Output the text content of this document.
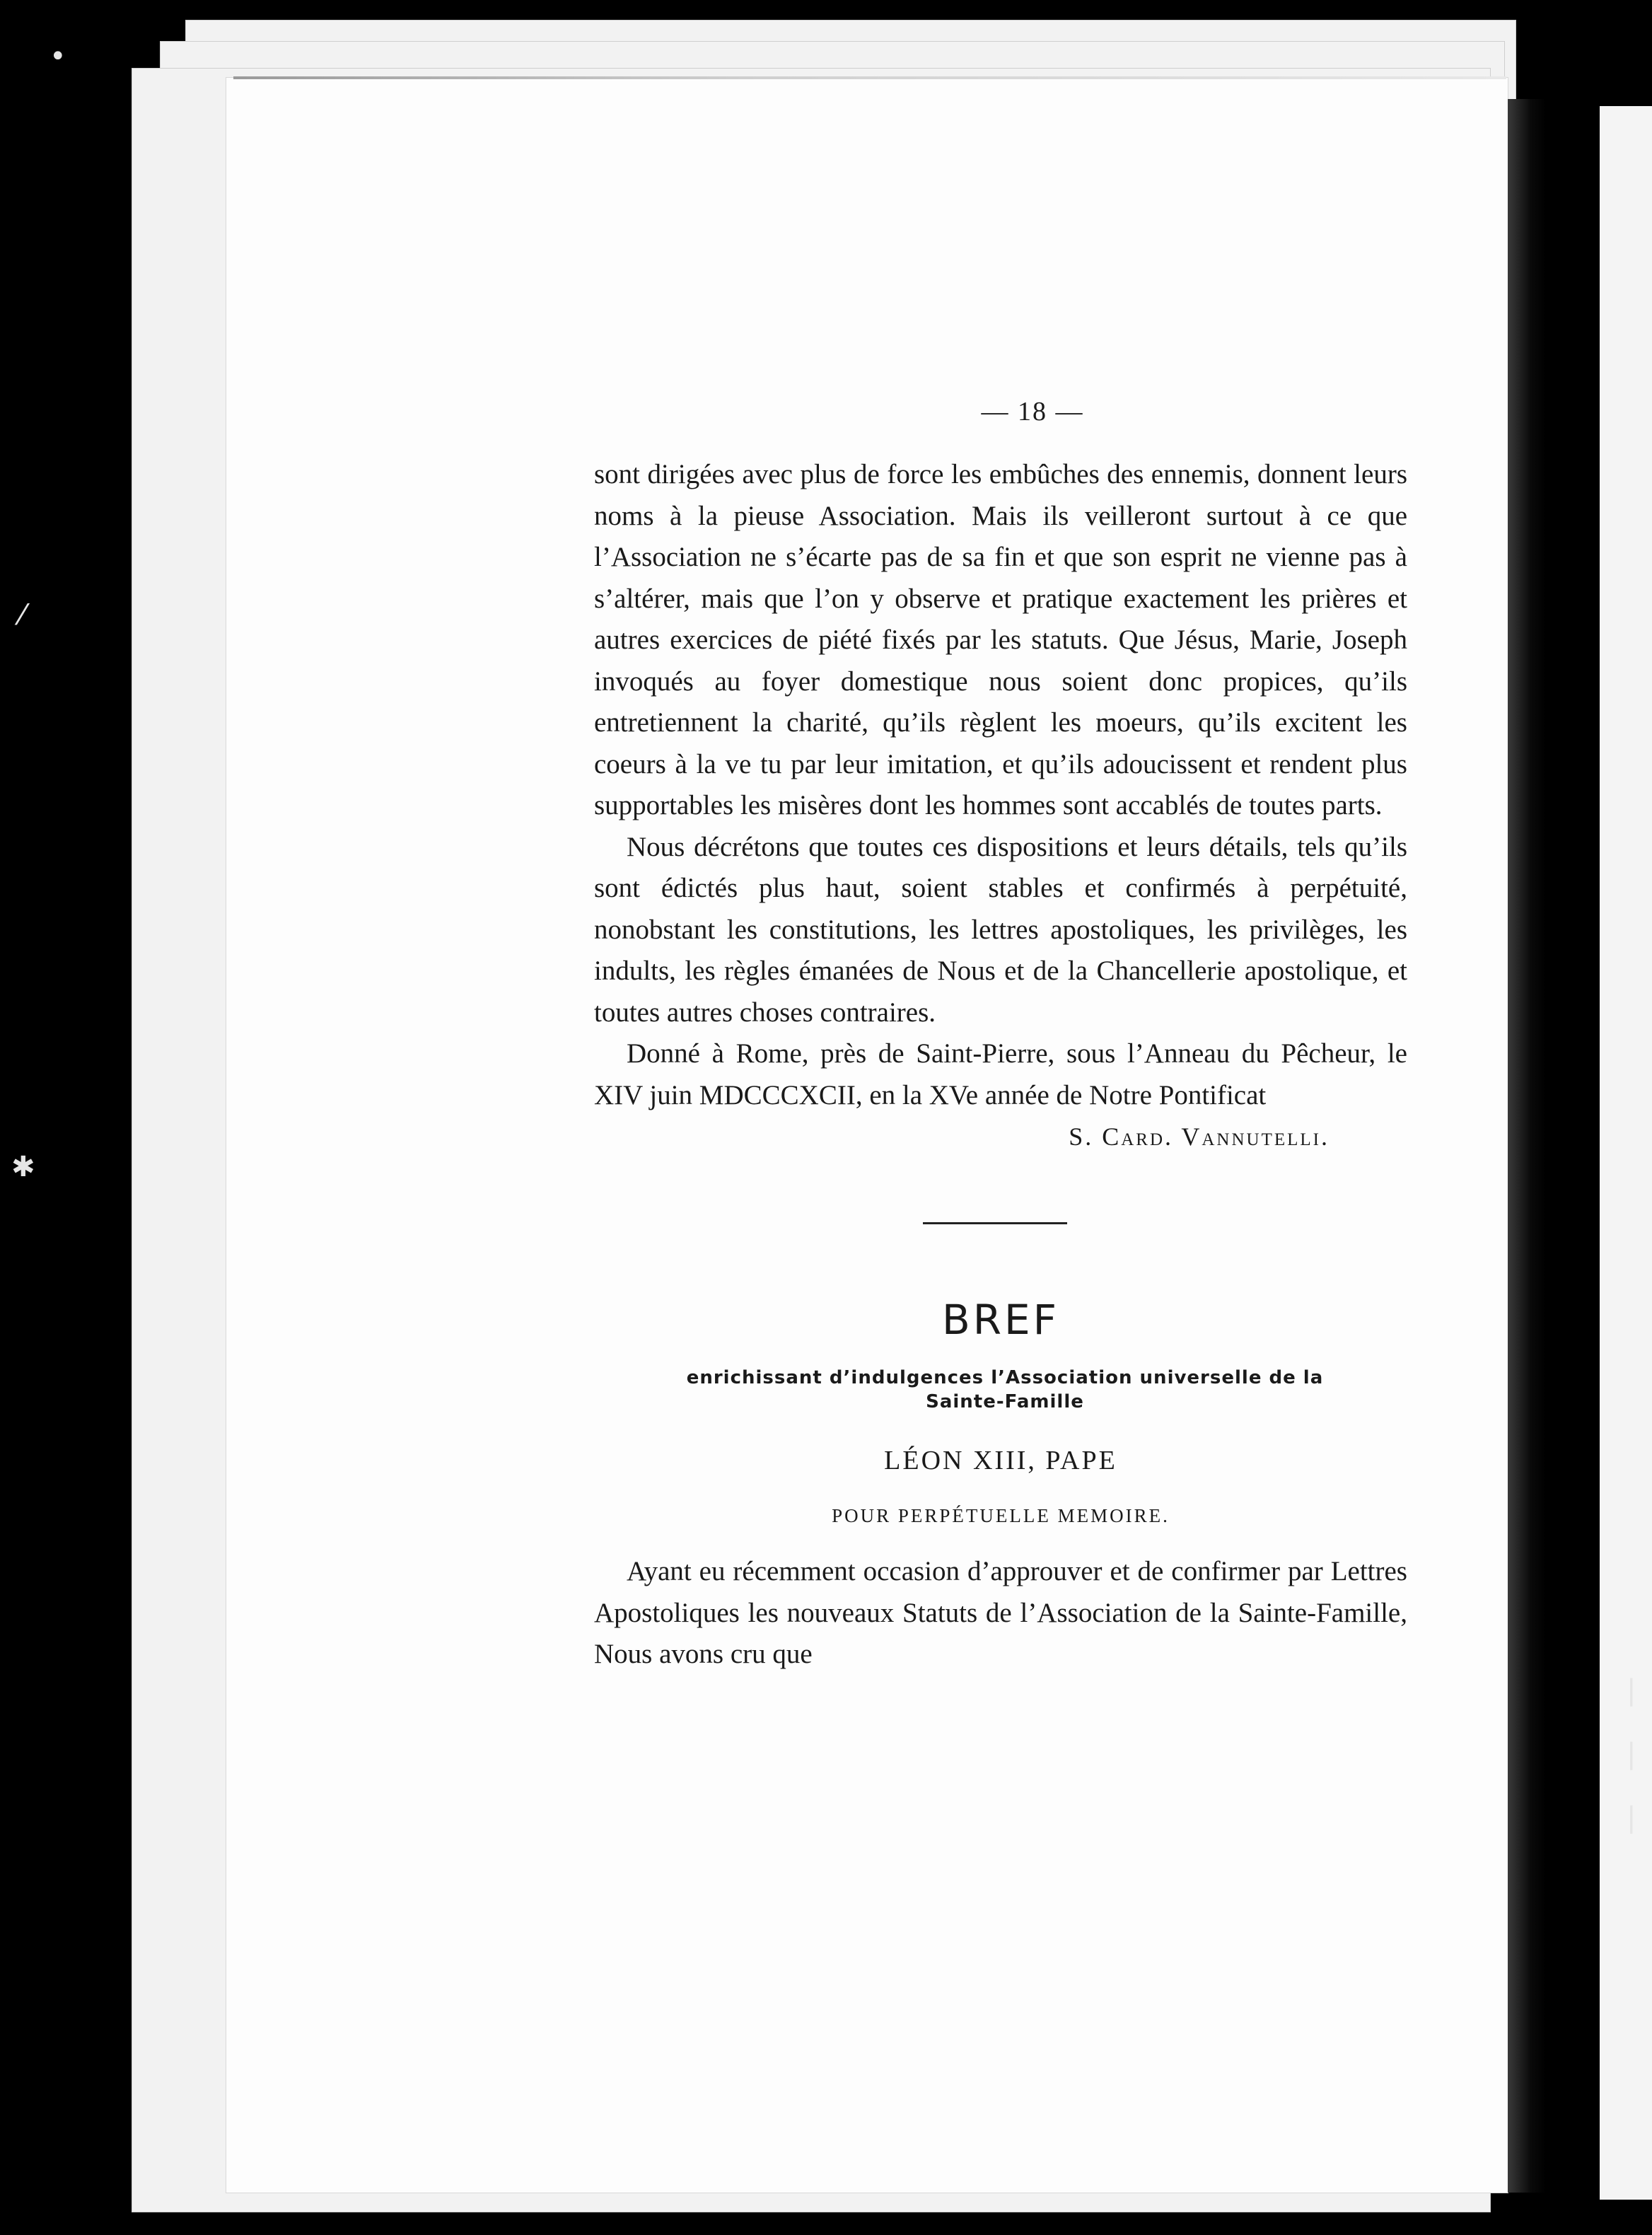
•
⁄
✱
|
|
|
— 18 —

sont dirigées avec plus de force les embûches des ennemis, donnent leurs noms à la pieuse Association. Mais ils veilleront surtout à ce que l’Association ne s’écarte pas de sa fin et que son esprit ne vienne pas à s’altérer, mais que l’on y observe et pratique exactement les prières et autres exercices de piété fixés par les statuts. Que Jésus, Marie, Joseph invoqués au foyer domestique nous soient donc propices, qu’ils entretiennent la charité, qu’ils règlent les moeurs, qu’ils excitent les coeurs à la ve tu par leur imitation, et qu’ils adoucissent et rendent plus supportables les misères dont les hommes sont accablés de toutes parts.

Nous décrétons que toutes ces dispositions et leurs détails, tels qu’ils sont édictés plus haut, soient stables et confirmés à perpétuité, nonobstant les constitutions, les lettres apostoliques, les privilèges, les indults, les règles émanées de Nous et de la Chancellerie apostolique, et toutes autres choses contraires.

Donné à Rome, près de Saint-Pierre, sous l’Anneau du Pêcheur, le XIV juin MDCCCXCII, en la XVe année de Notre Pontificat

S. Card. Vannutelli.
BREF
enrichissant d’indulgences l’Association universelle de la
Sainte-Famille
LÉON XIII, PAPE
POUR PERPÉTUELLE MEMOIRE.

Ayant eu récemment occasion d’approuver et de confirmer par Lettres Apostoliques les nouveaux Statuts de l’Association de la Sainte-Famille, Nous avons cru que
